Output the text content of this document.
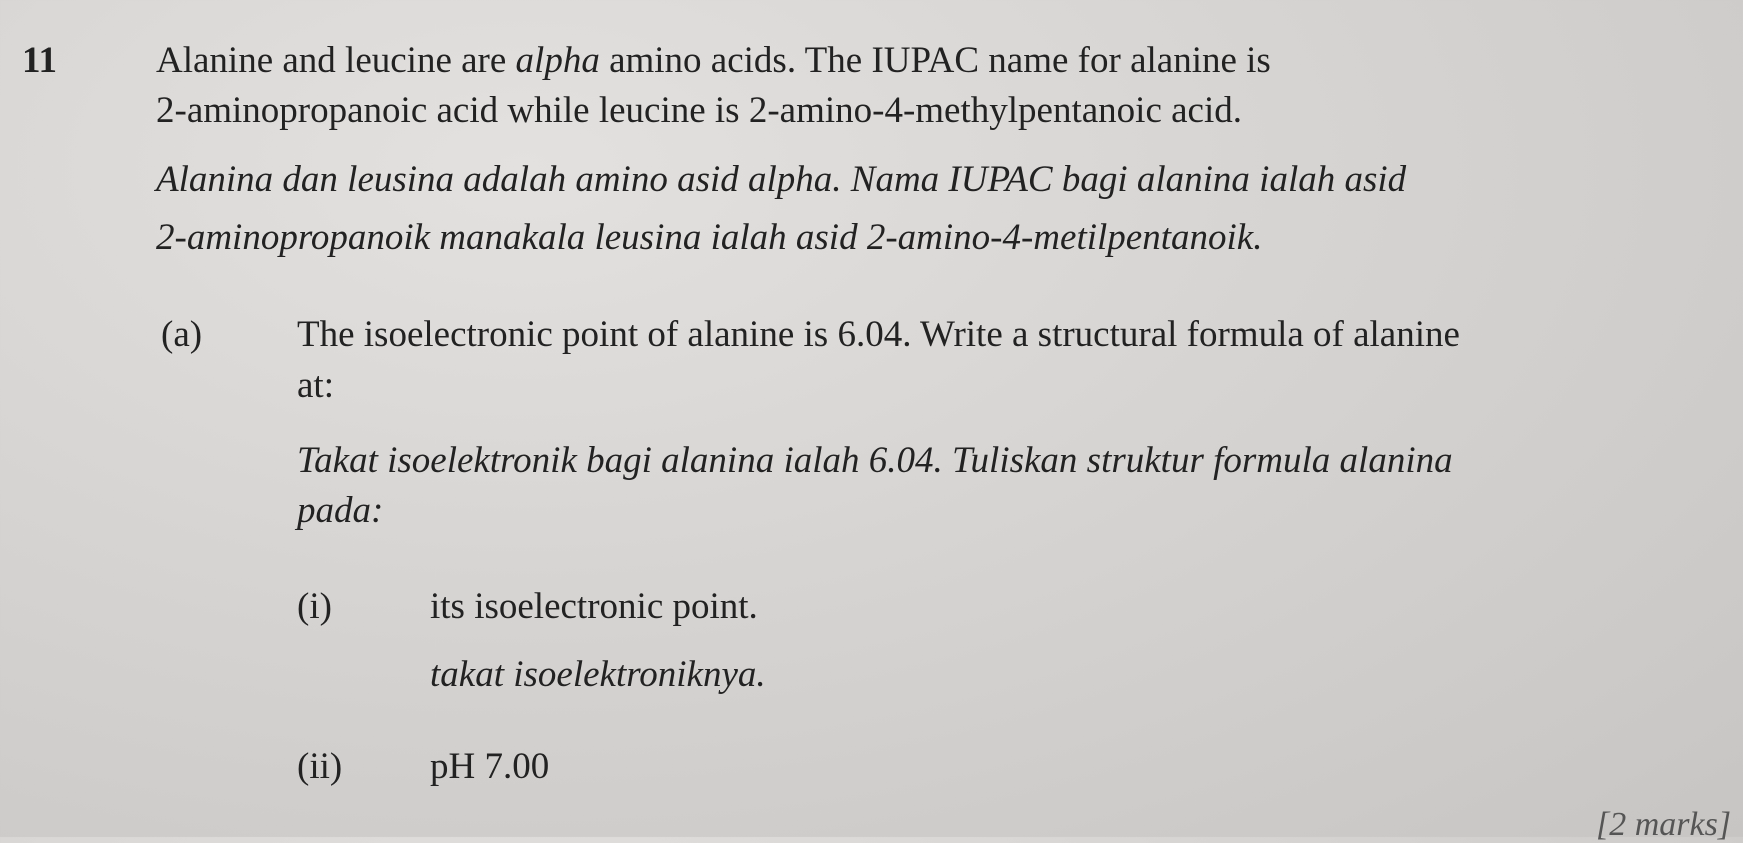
11	Alanine and leucine are alpha amino acids. The IUPAC name for alanine is
2-aminopropanoic acid while leucine is 2-amino-4-methylpentanoic acid.
Alanina dan leusina adalah amino asid alpha. Nama IUPAC bagi alanina ialah asid
2-aminopropanoik manakala leusina ialah asid 2-amino-4-metilpentanoik.
(a)	The isoelectronic point of alanine is 6.04. Write a structural formula of alanine
at:
Takat isoelektronik bagi alanina ialah 6.04. Tuliskan struktur formula alanina
pada:
(i)	its isoelectronic point.
takat isoelektroniknya.
(ii) pH 7.00
[2 marks]
